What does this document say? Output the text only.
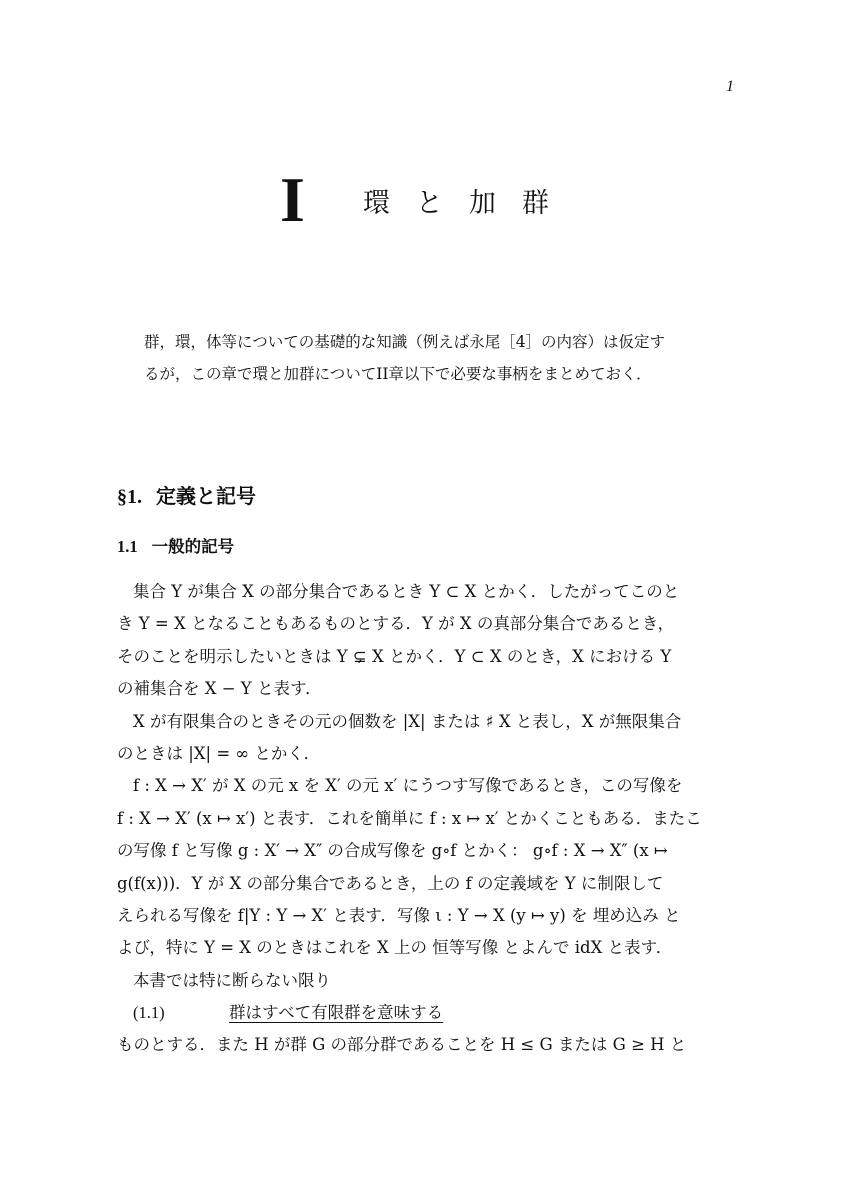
1
I 環と加群

群，環，体等についての基礎的な知識（例えば永尾［4］の内容）は仮定す

るが，この章で環と加群についてII章以下で必要な事柄をまとめておく．

§1. 定義と記号
1.1 一般的記号
集合 Y が集合 X の部分集合であるとき Y ⊂ X とかく．したがってこのと
き Y = X となることもあるものとする．Y が X の真部分集合であるとき，
そのことを明示したいときは Y ⊊ X とかく．Y ⊂ X のとき，X における Y
の補集合を X − Y と表す．
X が有限集合のときその元の個数を |X| または ♯ X と表し，X が無限集合
のときは |X| = ∞ とかく．
f : X → X′ が X の元 x を X′ の元 x′ にうつす写像であるとき，この写像を
f : X → X′ (x ↦ x′) と表す．これを簡単に f : x ↦ x′ とかくこともある．またこ
の写像 f と写像 g : X′ → X″ の合成写像を g∘f とかく： g∘f : X → X″ (x ↦
g(f(x)))．Y が X の部分集合であるとき，上の f の定義域を Y に制限して
えられる写像を f|Y : Y → X′ と表す．写像 ι : Y → X (y ↦ y) を 埋め込み と
よび，特に Y = X のときはこれを X 上の 恒等写像 とよんで idX と表す．
本書では特に断らない限り
(1.1)	群はすべて有限群を意味する
ものとする．また H が群 G の部分群であることを H ≤ G または G ≥ H と
